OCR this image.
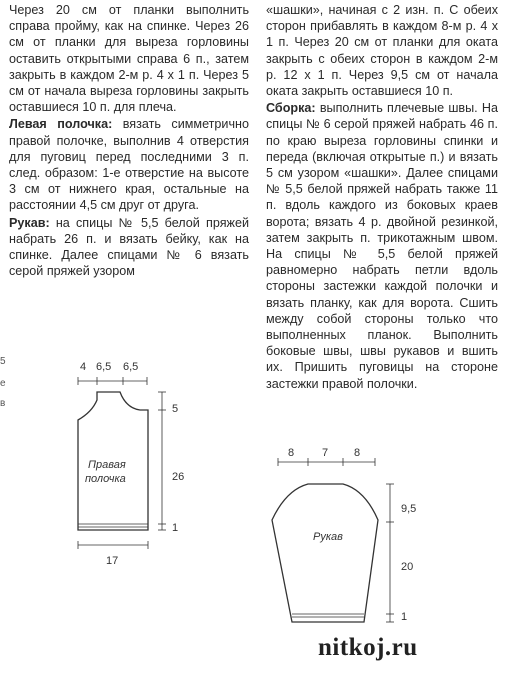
Через 20 см от планки выполнить справа пройму, как на спинке. Через 26 см от планки для выреза горловины оставить открытыми справа 6 п., затем закрыть в каждом 2-м р. 4 х 1 п. Через 5 см от начала выреза горловины закрыть оставшиеся 10 п. для плеча.

Левая полочка: вязать симметрично правой полочке, выполнив 4 отверстия для пуговиц перед последними 3 п. след. образом: 1-е отверстие на высоте 3 см от нижнего края, остальные на расстоянии 4,5 см друг от друга.

Рукав: на спицы № 5,5 белой пряжей набрать 26 п. и вязать бейку, как на спинке. Далее спицами № 6 вязать серой пряжей узором

«шашки», начиная с 2 изн. п. С обеих сторон прибавлять в каждом 8-м р. 4 х 1 п. Через 20 см от планки для оката закрыть с обеих сторон в каждом 2-м р. 12 х 1 п. Через 9,5 см от начала оката закрыть оставшиеся 10 п.

Сборка: выполнить плечевые швы. На спицы № 6 серой пряжей набрать 46 п. по краю выреза горловины спинки и переда (включая открытые п.) и вязать 5 см узором «шашки». Далее спицами № 5,5 белой пряжей набрать также 11 п. вдоль каждого из боковых краев ворота; вязать 4 р. двойной резинкой, затем закрыть п. трикотажным швом. На спицы № 5,5 белой пряжей равномерно набрать петли вдоль стороны застежки каждой полочки и вязать планку, как для ворота. Сшить между собой стороны только что выполненных планок. Выполнить боковые швы, швы рукавов и вшить их. Пришить пуговицы на стороне застежки правой полочки.

5
е
в
4 6,5 6,5
5
26
1
17
Правая
полочка
8	7 8
9,5
20
1
Рукав
nitkoj.ru
